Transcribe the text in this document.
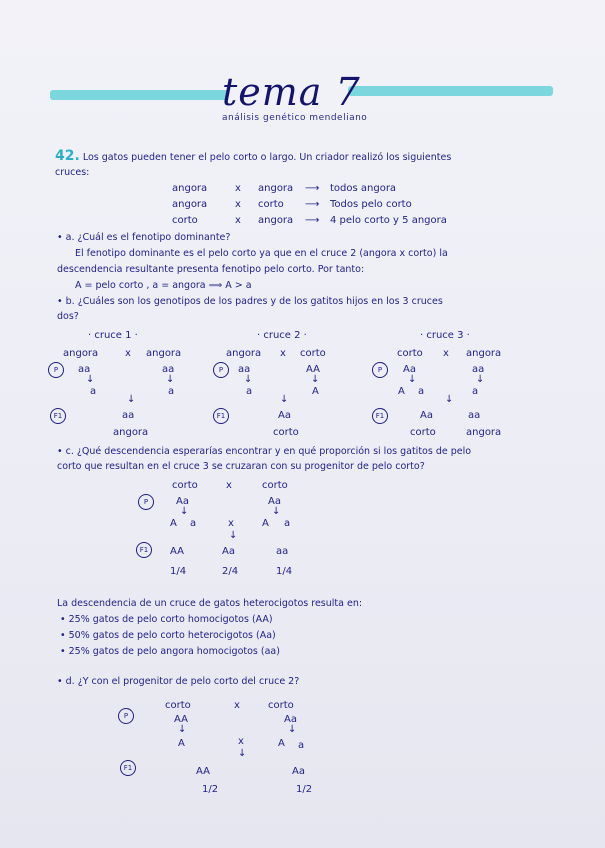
tema 7
análisis genético mendeliano
42. Los gatos pueden tener el pelo corto o largo. Un criador realizó los siguientes
cruces:
angora	x angora ⟶ todos angora
angora	x corto ⟶ Todos pelo corto
corto	x angora ⟶ 4 pelo corto y 5 angora
• a. ¿Cuál es el fenotipo dominante?
El fenotipo dominante es el pelo corto ya que en el cruce 2 (angora x corto) la
descendencia resultante presenta fenotipo pelo corto. Por tanto:
A = pelo corto , a = angora ⟹ A > a
• b. ¿Cuáles son los genotipos de los padres y de los gatitos hijos en los 3 cruces
dos?
· cruce 1 ·
angora	x angora
P	aa	aa
↓	↓
a	a
↓
F1	aa
angora
· cruce 2 ·
angora x corto
P	aa	AA
↓	↓
a	A
↓
F1	Aa
corto
· cruce 3 ·
corto x angora
P	Aa	aa
↓	↓
A a	a
↓
F1	Aa	aa
corto	angora
• c. ¿Qué descendencia esperarías encontrar y en qué proporción si los gatitos de pelo
corto que resultan en el cruce 3 se cruzaran con su progenitor de pelo corto?
corto	x	corto
P	Aa	Aa
↓	↓
A a	x	A a
↓
F1	AA	Aa	aa
1/4	2/4	1/4
La descendencia de un cruce de gatos heterocigotos resulta en:
• 25% gatos de pelo corto homocigotos (AA)
• 50% gatos de pelo corto heterocigotos (Aa)
• 25% gatos de pelo angora homocigotos (aa)
• d. ¿Y con el progenitor de pelo corto del cruce 2?
corto	x	corto
P	AA	Aa
↓	↓
A	x	A a
↓
F1	AA	Aa
1/2	1/2
